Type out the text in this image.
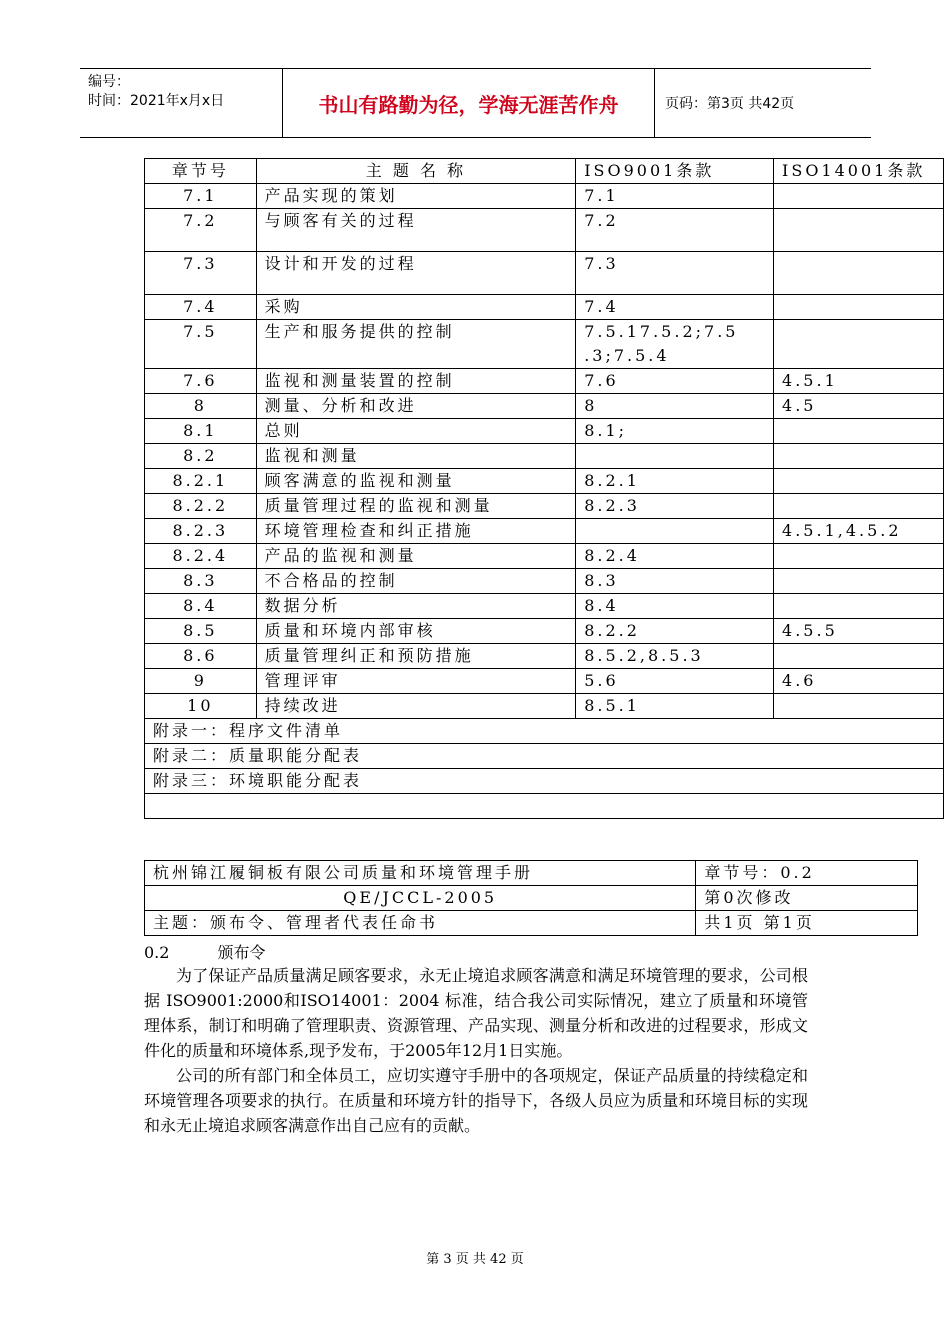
编号：
时间：2021年x月x日	书山有路勤为径，学海无涯苦作舟	页码：第3页 共42页
章节号	主 题 名 称	ISO9001条款	ISO14001条款

7.1	产品实现的策划	7.1	

7.2	与顾客有关的过程	7.2	

7.3	设计和开发的过程	7.3	

7.4	采购	7.4	

7.5	生产和服务提供的控制	7.5.17.5.2;7.5
.3;7.5.4	

7.6	监视和测量装置的控制	7.6	4.5.1

8	测量、分析和改进	8	4.5

8.1	总则	8.1;	

8.2	监视和测量		

8.2.1	顾客满意的监视和测量	8.2.1	

8.2.2	质量管理过程的监视和测量	8.2.3	

8.2.3	环境管理检查和纠正措施		4.5.1,4.5.2

8.2.4	产品的监视和测量	8.2.4	

8.3	不合格品的控制	8.3	

8.4	数据分析	8.4	

8.5	质量和环境内部审核	8.2.2	4.5.5

8.6	质量管理纠正和预防措施	8.5.2,8.5.3	

9	管理评审	5.6	4.6

10	持续改进	8.5.1	

附录一：程序文件清单			
附录二：质量职能分配表			
附录三：环境职能分配表			

杭州锦江履铜板有限公司质量和环境管理手册	章节号：0.2
QE/JCCL-2005	第0次修改
主题：颁布令、管理者代表任命书	共1页 第1页
0.2	颁布令

为了保证产品质量满足顾客要求，永无止境追求顾客满意和满足环境管理的要求，公司根据 ISO9001:2000和ISO14001：2004 标准，结合我公司实际情况，建立了质量和环境管理体系，制订和明确了管理职责、资源管理、产品实现、测量分析和改进的过程要求，形成文件化的质量和环境体系,现予发布，于2005年12月1日实施。

公司的所有部门和全体员工，应切实遵守手册中的各项规定，保证产品质量的持续稳定和环境管理各项要求的执行。在质量和环境方针的指导下，各级人员应为质量和环境目标的实现和永无止境追求顾客满意作出自己应有的贡献。

第 3 页 共 42 页
